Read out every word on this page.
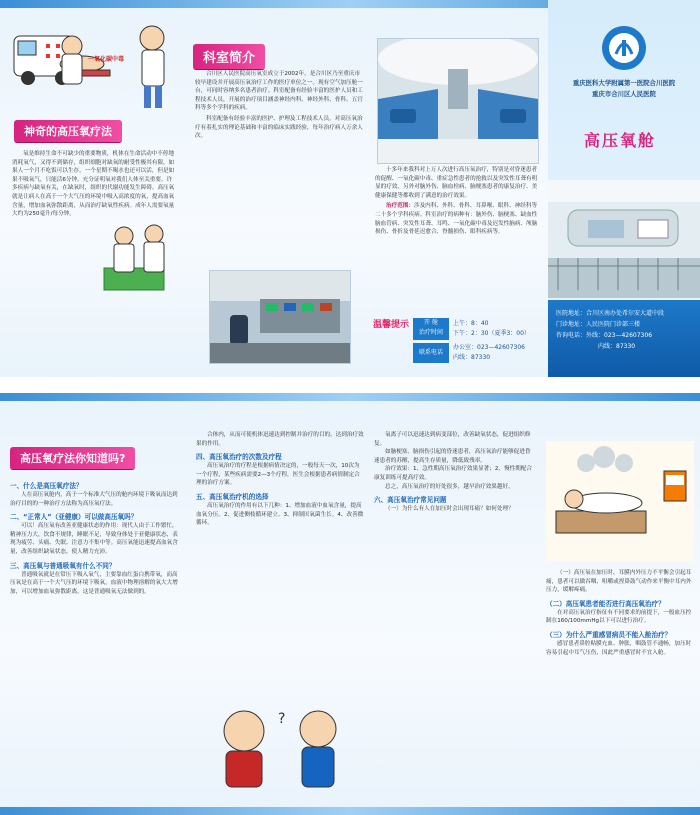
一氧化碳中毒
神奇的高压氧疗法

氧是维持生命不可缺少的重要物质，机体在生命活动中不停地消耗氧气，又得不到储存，组织细胞对缺氧的耐受性极其有限。如果人一个月不吃饭可以生存，一个星期不喝水也还可以活，但是如果不吸氧气，只能活6分钟。充分证明氧对我们人体至关重要。许多疾病与缺氧有关，在缺氧时，组织的代谢功能发生障碍。高压氧就是让病人在高于一个大气压的环境中吸入高浓度的氧，提高血氧含量，增加血氧弥散距离，从而治疗缺氧性疾病。成年人需要氧量大约为250毫升/每分钟。

科室简介

合川区人民医院高压氧室成立于2002年，是合川区乃至重庆市较早建设并开展高压氧治疗工作的医疗单位之一。现有空气加压舱一台，可同时容纳多名患者治疗。科室配备有经验丰富的医护人员和工程技术人员，开展的治疗项目涵盖神经内科、神经外科、骨科、五官科等多个学科的疾病。

科室配备有经验丰富的医护、护理及工程技术人员，对高压氧治疗有着扎实的理论基础和丰富的临床实践经验，每年治疗病人万余人次。

十多年来我科对上万人次进行高压氧治疗，特别是对昏迷患者的促醒、一氧化碳中毒、重症急性患者的抢救以及突发性耳聋有明显的疗效，另外对脑外伤、脑血栓病、脑梗塞患者的康复治疗、美健康保健等都收到了满意的治疗效果。

治疗范围：涉及内科、外科、骨科、耳鼻喉、眼科、神经科等二十多个学科疾病。科室治疗的病种有：脑外伤、脑梗塞、缺血性脑血管病、突发性耳聋、耳鸣、一氧化碳中毒及迟发性脑病、颅脑损伤、骨折及骨延迟愈合、脊髓损伤、眼科疾病等。

温馨提示	开 舱
治疗时间
上午：8：40
下午：2：30（夏季3：00）
联系电话
办公室：023—42607306
内线：87330
重庆医科大学附属第一医院合川医院
重庆市合川区人民医院
高压氧舱
医院地址：合川区南办处希尔安大道中段
门诊地址：人民医院门诊部三楼
咨询电话：外线：023—42607306
内线：87330
高压氧疗法你知道吗?
一、什么是高压氧疗法？

人在高压氧舱内，高于一个标准大气压的舱内环境下吸氧而达到治疗目的的一种治疗方法称为高压氧疗法。

二、“正常人”（亚健康）可以做高压氧吗？

可以！高压氧有改善亚健康状态的作用：现代人由于工作繁忙，精神压力大，饮食不规律，睡眠不足，导致身体处于亚健康状态，表现为疲劳、头痛、失眠、注意力不集中等。高压氧能迅速提高血氧含量，改善组织缺氧状态，使人精力充沛。

三、高压氧与普通吸氧有什么不同？

普通吸氧就是在常压下吸入氧气，主要靠血红蛋白携带氧，而高压氧是在高于一个大气压的环境下吸氧，血液中物理溶解的氧大大增加，可以增加血氧弥散距离，这是普通吸氧无法做到的。

合体内，从而可使机体迅速达到控制并治疗的目的，达到治疗效果的作用。

四、高压氧治疗的次数及疗程

高压氧治疗的疗程是根据病情决定的，一般每天一次，10次为一个疗程，某些疾病需要2—3个疗程，医生会根据患者病情制定合理的治疗方案。

五、高压氧治疗机的选择

高压氧治疗的作用有以下几种：1、增加血液中血氧含量，提高血氧分压。2、促进侧枝循环建立。3、抑制厌氧菌生长。4、改善微循环。

?

氧离子可以迅速达到病变部位，改善缺氧状态，促进组织修复。

如脑梗塞、脑损伤引起的昏迷患者，高压氧治疗能够促进昏迷患者的苏醒，提高生存质量，降低致残率。

治疗效果：1、急性期高压氧治疗效果显著；2、慢性期配合康复训练可提高疗效。

总之，高压氧治疗的好处很多，越早治疗效果越好。

六、高压氧治疗常见问题

（一）为什么有人在加压时会出现耳痛？如何处理？

（一）高压氧在加压时，耳膜内外压力不平衡会引起耳痛，患者可以做吞咽、咀嚼或捏鼻鼓气动作来平衡中耳内外压力，缓解疼痛。

（二）高压氧患者能否进行高压氧治疗？

在对高压氧治疗指征有不同要求的前提下，一般血压控制在160/100mmHg以下可以进行治疗。

（三）为什么严重感冒病员不能入舱治疗？

感冒患者鼻腔粘膜充血、肿胀，咽鼓管不通畅，加压时容易引起中耳气压伤，因此严重感冒时不宜入舱。
